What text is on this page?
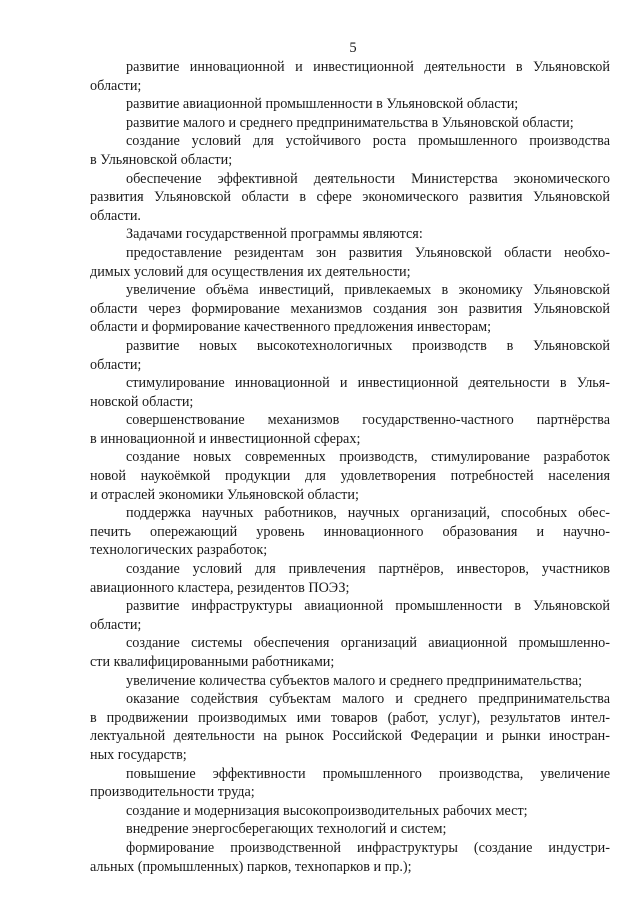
5
развитие инновационной и инвестиционной деятельности в Ульяновской
области;
развитие авиационной промышленности в Ульяновской области;
развитие малого и среднего предпринимательства в Ульяновской области;
создание условий для устойчивого роста промышленного производства
в Ульяновской области;
обеспечение эффективной деятельности Министерства экономического
развития Ульяновской области в сфере экономического развития Ульяновской
области.
Задачами государственной программы являются:
предоставление резидентам зон развития Ульяновской области необхо-
димых условий для осуществления их деятельности;
увеличение объёма инвестиций, привлекаемых в экономику Ульяновской
области через формирование механизмов создания зон развития Ульяновской
области и формирование качественного предложения инвесторам;
развитие новых высокотехнологичных производств в Ульяновской
области;
стимулирование инновационной и инвестиционной деятельности в Улья-
новской области;
совершенствование механизмов государственно-частного партнёрства
в инновационной и инвестиционной сферах;
создание новых современных производств, стимулирование разработок
новой наукоёмкой продукции для удовлетворения потребностей населения
и отраслей экономики Ульяновской области;
поддержка научных работников, научных организаций, способных обес-
печить опережающий уровень инновационного образования и научно-
технологических разработок;
создание условий для привлечения партнёров, инвесторов, участников
авиационного кластера, резидентов ПОЭЗ;
развитие инфраструктуры авиационной промышленности в Ульяновской
области;
создание системы обеспечения организаций авиационной промышленно-
сти квалифицированными работниками;
увеличение количества субъектов малого и среднего предпринимательства;
оказание содействия субъектам малого и среднего предпринимательства
в продвижении производимых ими товаров (работ, услуг), результатов интел-
лектуальной деятельности на рынок Российской Федерации и рынки иностран-
ных государств;
повышение эффективности промышленного производства, увеличение
производительности труда;
создание и модернизация высокопроизводительных рабочих мест;
внедрение энергосберегающих технологий и систем;
формирование производственной инфраструктуры (создание индустри-
альных (промышленных) парков, технопарков и пр.);
